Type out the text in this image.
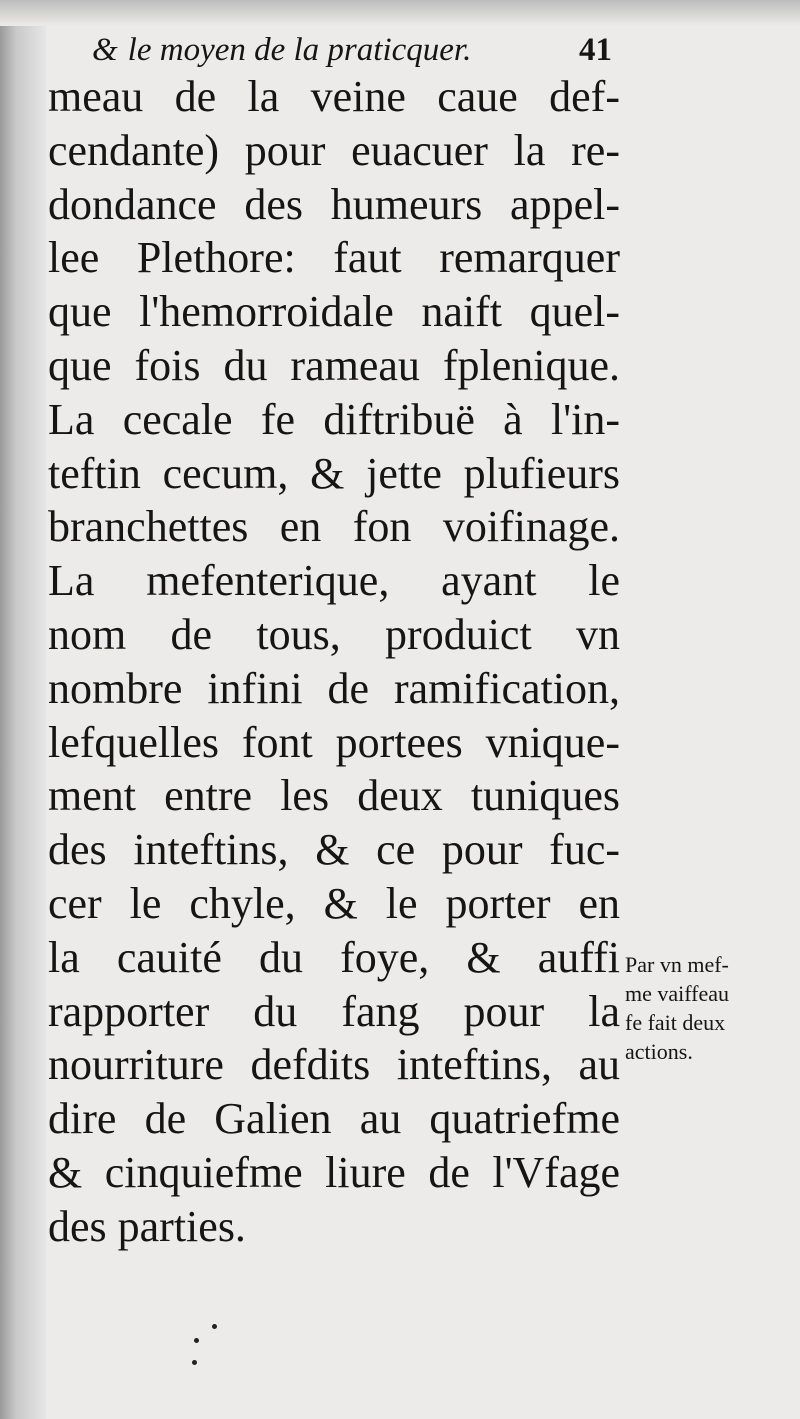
& le moyen de la praticquer.	41
meau de la veine caue def-
cendante) pour euacuer la re-
dondance des humeurs appel-
lee Plethore: faut remarquer
que l'hemorroidale naift quel-
que fois du rameau fplenique.
La cecale fe diftribuë à l'in-
teftin cecum, & jette plufieurs
branchettes en fon voifinage.
La mefenterique, ayant le
nom de tous, produict vn
nombre infini de ramification,
lefquelles font portees vnique-
ment entre les deux tuniques
des inteftins, & ce pour fuc-
cer le chyle, & le porter en
la cauité du foye, & auffi
rapporter du fang pour la
nourriture defdits inteftins, au
dire de Galien au quatriefme
& cinquiefme liure de l'Vfage
des parties.
Par vn mef-
me vaiffeau
fe fait deux
actions.
